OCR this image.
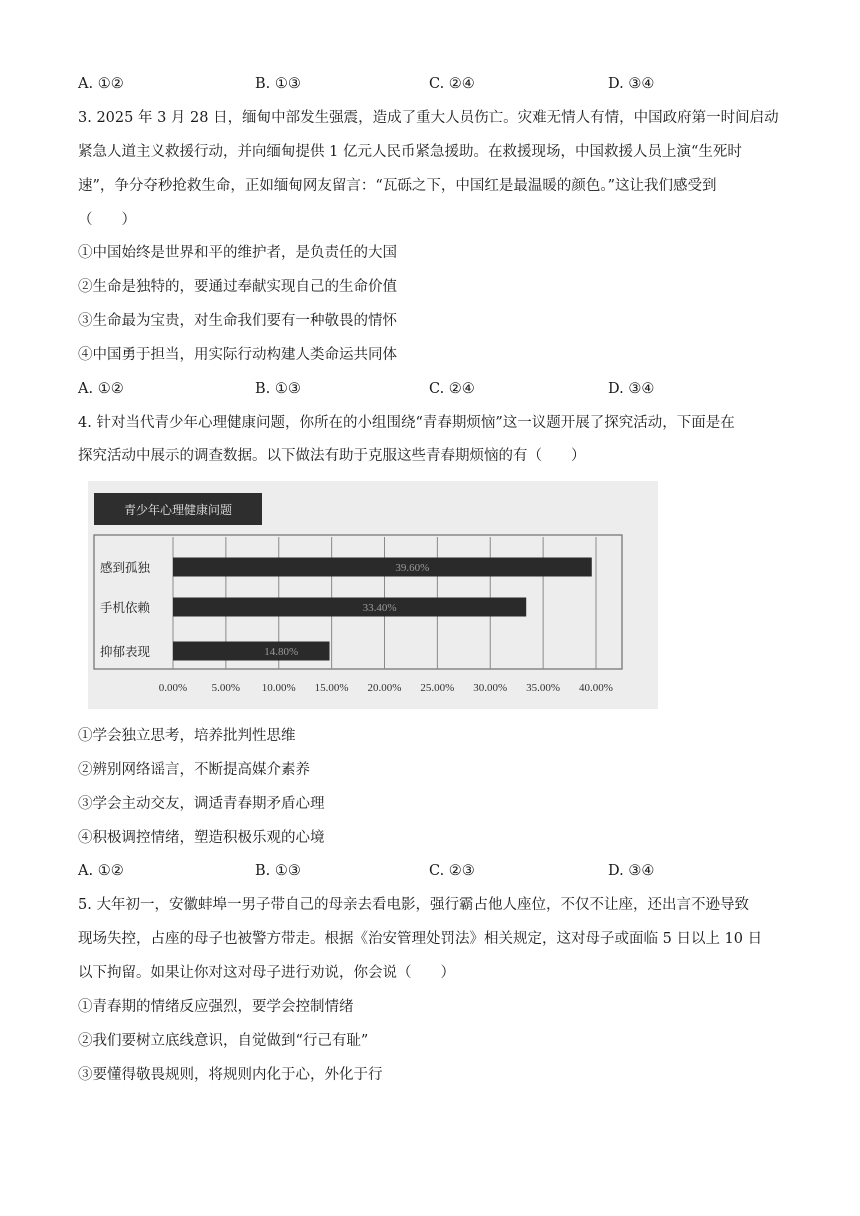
A. ①②	B. ①③	C. ②④	D. ③④
3. 2025 年 3 月 28 日，缅甸中部发生强震，造成了重大人员伤亡。灾难无情人有情，中国政府第一时间启动
紧急人道主义救援行动，并向缅甸提供 1 亿元人民币紧急援助。在救援现场，中国救援人员上演“生死时
速”，争分夺秒抢救生命，正如缅甸网友留言：“瓦砾之下，中国红是最温暖的颜色。”这让我们感受到
（　　）
①中国始终是世界和平的维护者，是负责任的大国
②生命是独特的，要通过奉献实现自己的生命价值
③生命最为宝贵，对生命我们要有一种敬畏的情怀
④中国勇于担当，用实际行动构建人类命运共同体
A. ①②	B. ①③	C. ②④	D. ③④
4. 针对当代青少年心理健康问题，你所在的小组围绕“青春期烦恼”这一议题开展了探究活动，下面是在
探究活动中展示的调查数据。以下做法有助于克服这些青春期烦恼的有（　　）
青少年心理健康问题
39.60%
33.40%
14.80%
感到孤独
手机依赖
抑郁表现
0.00% 5.00% 10.00% 15.00% 20.00% 25.00% 30.00% 35.00% 40.00%
①学会独立思考，培养批判性思维
②辨别网络谣言，不断提高媒介素养
③学会主动交友，调适青春期矛盾心理
④积极调控情绪，塑造积极乐观的心境
A. ①②	B. ①③	C. ②③	D. ③④
5. 大年初一，安徽蚌埠一男子带自己的母亲去看电影，强行霸占他人座位，不仅不让座，还出言不逊导致
现场失控，占座的母子也被警方带走。根据《治安管理处罚法》相关规定，这对母子或面临 5 日以上 10 日
以下拘留。如果让你对这对母子进行劝说，你会说（　　）
①青春期的情绪反应强烈，要学会控制情绪
②我们要树立底线意识，自觉做到“行己有耻”
③要懂得敬畏规则，将规则内化于心，外化于行
